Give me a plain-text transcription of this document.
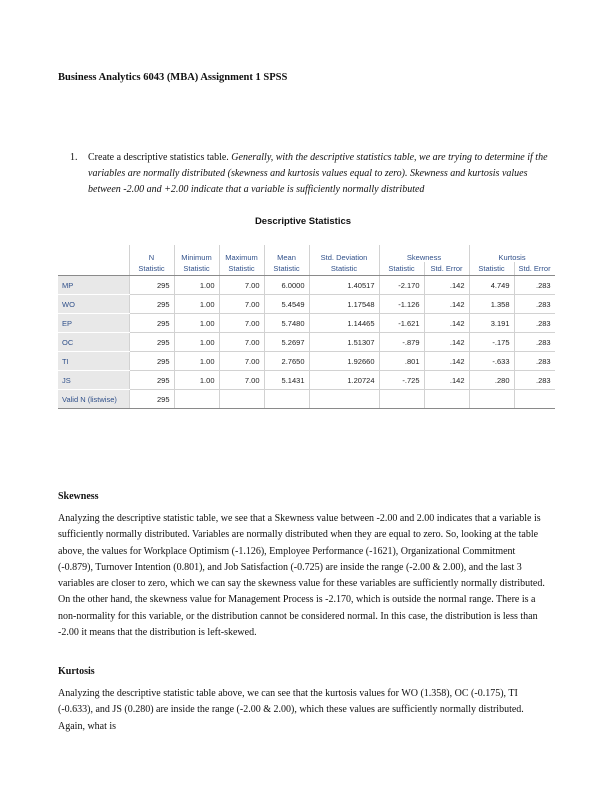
Business Analytics 6043 (MBA) Assignment 1 SPSS
1. Create a descriptive statistics table. Generally, with the descriptive statistics table, we are trying to determine if the variables are normally distributed (skewness and kurtosis values equal to zero). Skewness and kurtosis values between -2.00 and +2.00 indicate that a variable is sufficiently normally distributed
Descriptive Statistics
	N	Minimum	Maximum	Mean	Std. Deviation	Skewness		Kurtosis	
	Statistic	Statistic	Statistic	Statistic	Statistic	Statistic	Std. Error	Statistic	Std. Error
MP	295	1.00	7.00	6.0000	1.40517	-2.170	.142	4.749	.283
WO	295	1.00	7.00	5.4549	1.17548	-1.126	.142	1.358	.283
EP	295	1.00	7.00	5.7480	1.14465	-1.621	.142	3.191	.283
OC	295	1.00	7.00	5.2697	1.51307	-.879	.142	-.175	.283
TI	295	1.00	7.00	2.7650	1.92660	.801	.142	-.633	.283
JS	295	1.00	7.00	5.1431	1.20724	-.725	.142	.280	.283
Valid N (listwise)	295								
Skewness
Analyzing the descriptive statistic table, we see that a Skewness value between -2.00 and 2.00 indicates that a variable is sufficiently normally distributed. Variables are normally distributed when they are equal to zero. So, looking at the table above, the values for Workplace Optimism (-1.126), Employee Performance (-1621), Organizational Commitment (-0.879), Turnover Intention (0.801), and Job Satisfaction (-0.725) are inside the range (-2.00 & 2.00), and the last 3 variables are closer to zero, which we can say the skewness value for these variables are sufficiently normally distributed. On the other hand, the skewness value for Management Process is -2.170, which is outside the normal range. There is a non-normality for this variable, or the distribution cannot be considered normal. In this case, the distribution is less than -2.00 it means that the distribution is left-skewed.
Kurtosis
Analyzing the descriptive statistic table above, we can see that the kurtosis values for WO (1.358), OC (-0.175), TI (-0.633), and JS (0.280) are inside the range (-2.00 & 2.00), which these values are sufficiently normally distributed. Again, what is
